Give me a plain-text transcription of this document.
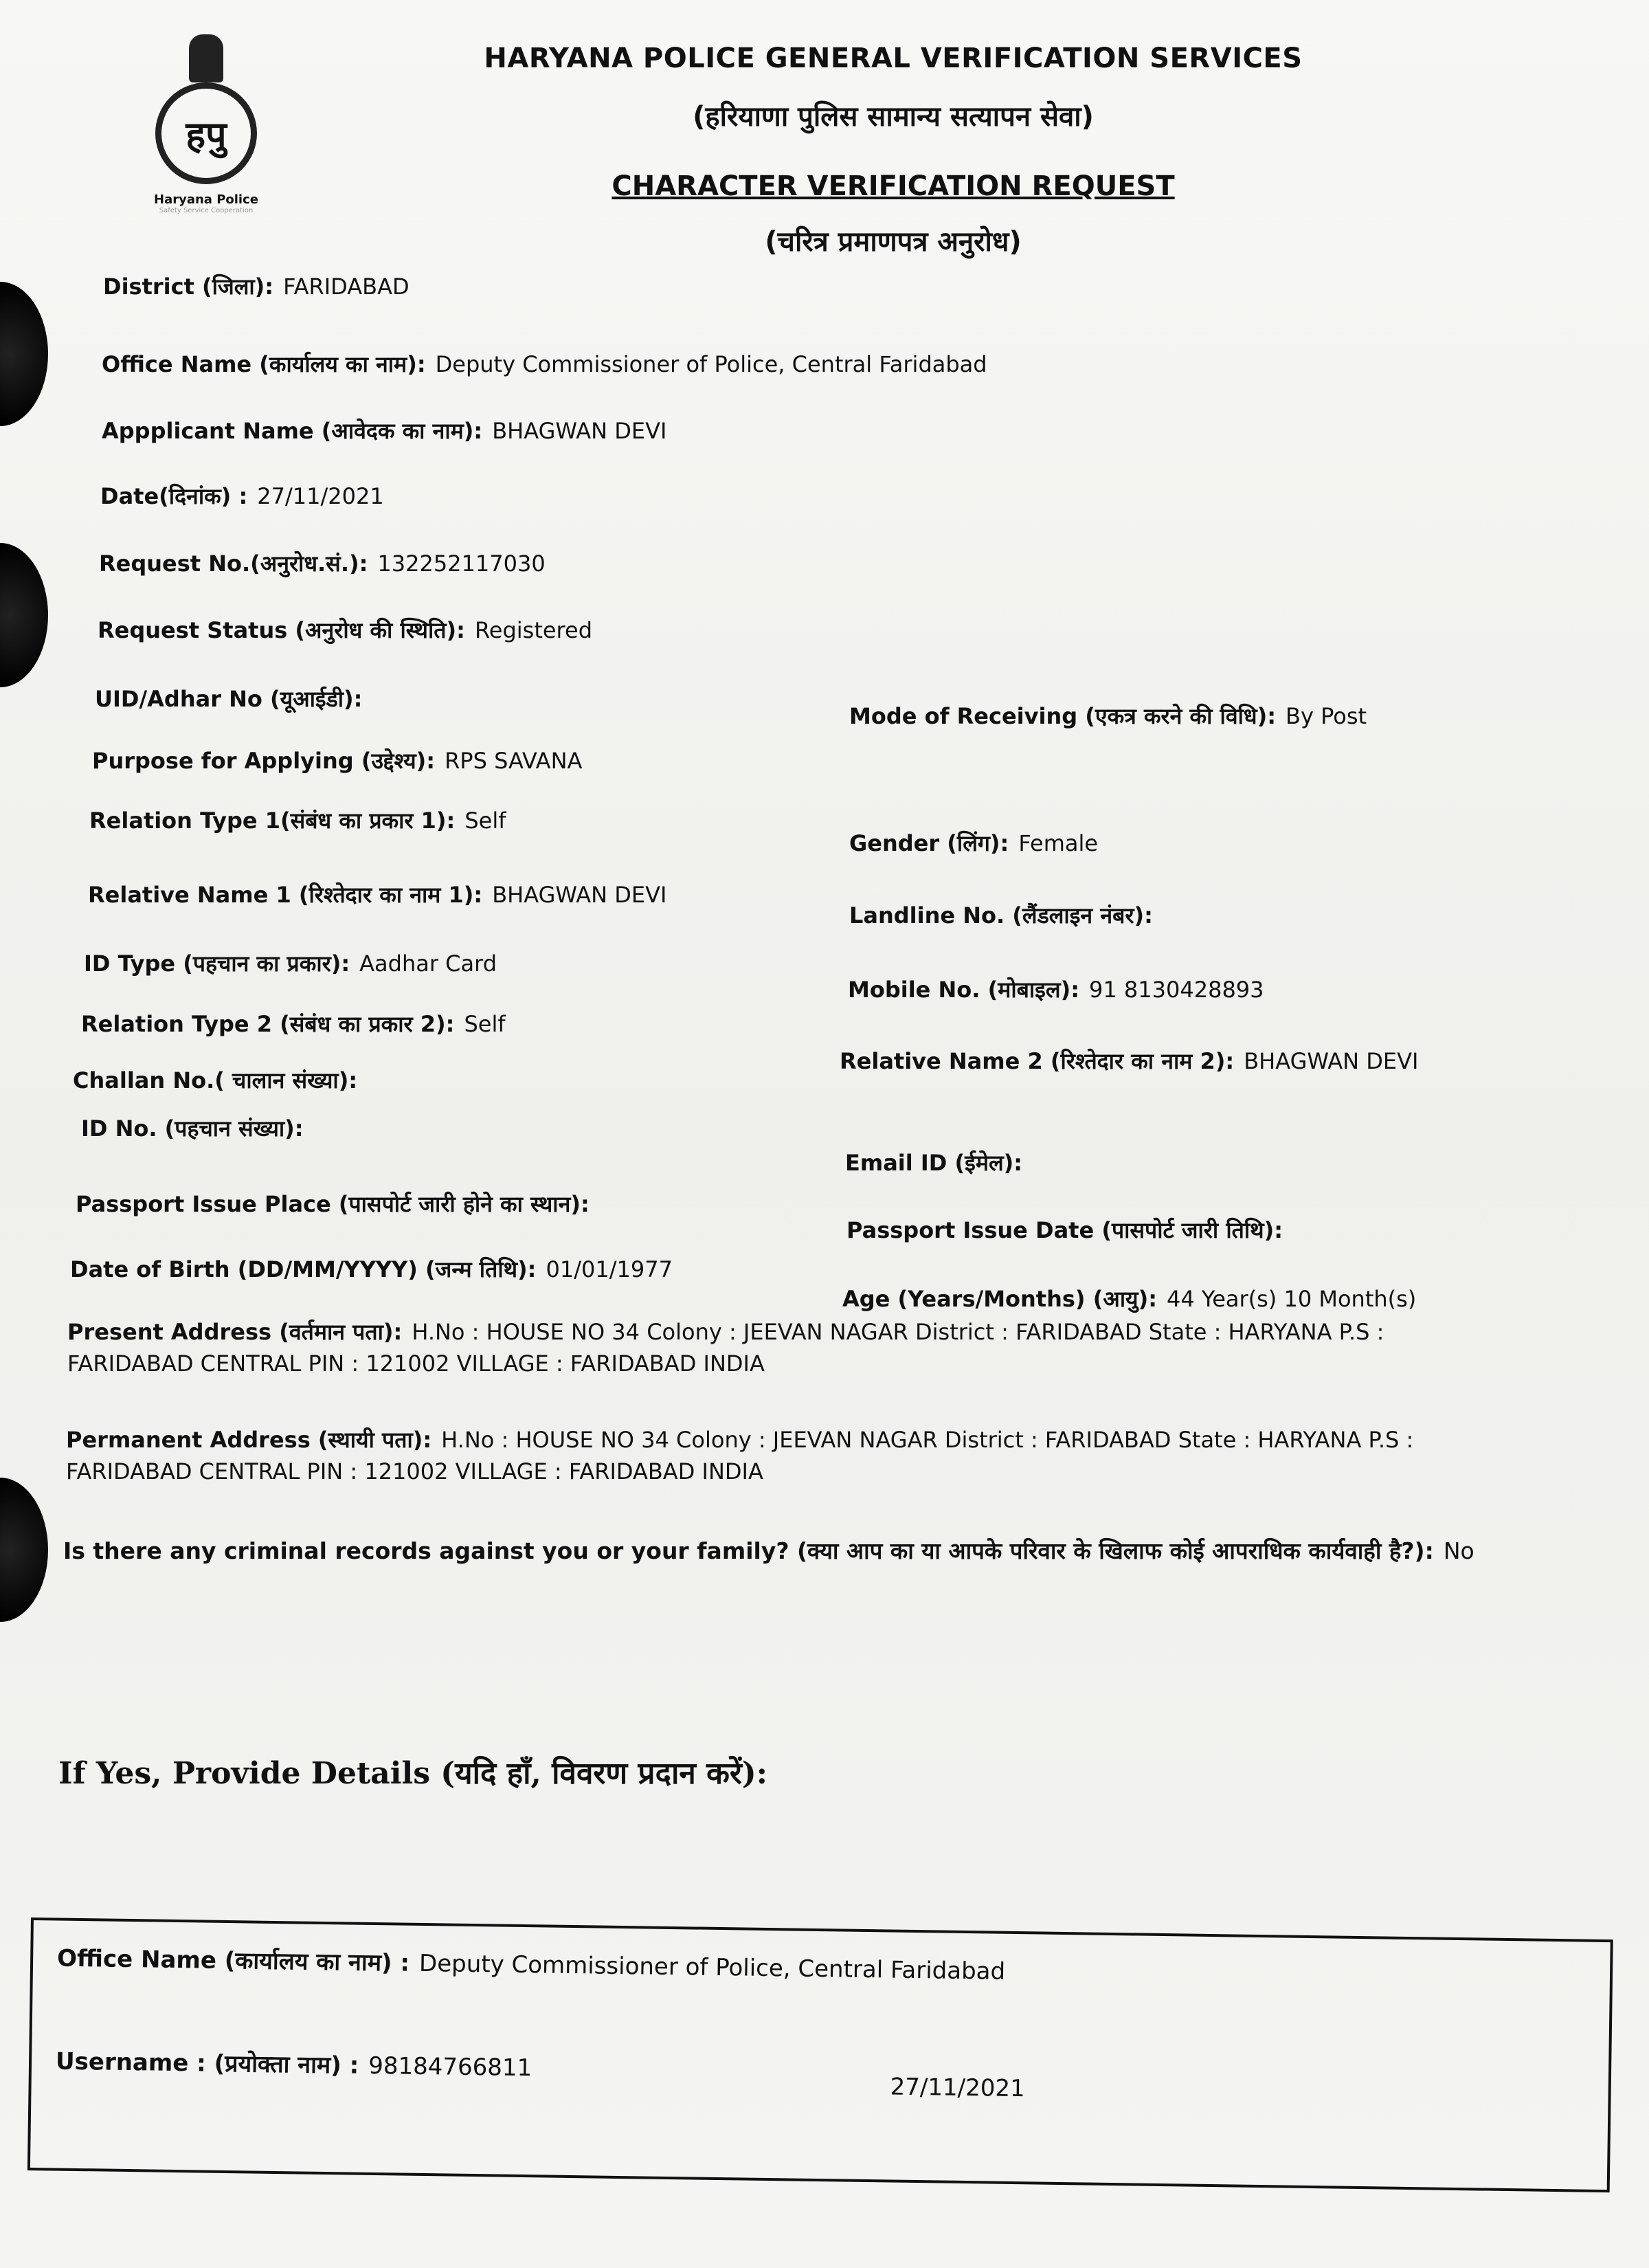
हपु
Haryana Police
Safety Service Cooperation
HARYANA POLICE GENERAL VERIFICATION SERVICES
(हरियाणा पुलिस सामान्य सत्यापन सेवा)
CHARACTER VERIFICATION REQUEST
(चरित्र प्रमाणपत्र अनुरोध)
District (जिला): FARIDABAD
Office Name (कार्यालय का नाम): Deputy Commissioner of Police, Central Faridabad
Appplicant Name (आवेदक का नाम): BHAGWAN DEVI
Date(दिनांक) : 27/11/2021
Request No.(अनुरोध.सं.): 132252117030
Request Status (अनुरोध की स्थिति): Registered
UID/Adhar No (यूआईडी):
Purpose for Applying (उद्देश्य): RPS SAVANA
Relation Type 1(संबंध का प्रकार 1): Self
Relative Name 1 (रिश्तेदार का नाम 1): BHAGWAN DEVI
ID Type (पहचान का प्रकार): Aadhar Card
Relation Type 2 (संबंध का प्रकार 2): Self
Challan No.( चालान संख्या):
ID No. (पहचान संख्या):
Passport Issue Place (पासपोर्ट जारी होने का स्थान):
Date of Birth (DD/MM/YYYY) (जन्म तिथि): 01/01/1977
Mode of Receiving (एकत्र करने की विधि): By Post
Gender (लिंग): Female
Landline No. (लैंडलाइन नंबर):
Mobile No. (मोबाइल): 91 8130428893
Relative Name 2 (रिश्तेदार का नाम 2): BHAGWAN DEVI
Email ID (ईमेल):
Passport Issue Date (पासपोर्ट जारी तिथि):
Age (Years/Months) (आयु): 44 Year(s) 10 Month(s)
Present Address (वर्तमान पता): H.No : HOUSE NO 34 Colony : JEEVAN NAGAR District : FARIDABAD State : HARYANA P.S : FARIDABAD CENTRAL PIN : 121002 VILLAGE : FARIDABAD INDIA
Permanent Address (स्थायी पता): H.No : HOUSE NO 34 Colony : JEEVAN NAGAR District : FARIDABAD State : HARYANA P.S : FARIDABAD CENTRAL PIN : 121002 VILLAGE : FARIDABAD INDIA
Is there any criminal records against you or your family? (क्या आप का या आपके परिवार के खिलाफ कोई आपराधिक कार्यवाही है?): No
If Yes, Provide Details (यदि हाँ, विवरण प्रदान करें):
Office Name (कार्यालय का नाम) : Deputy Commissioner of Police, Central Faridabad
Username : (प्रयोक्ता नाम) : 98184766811
27/11/2021
